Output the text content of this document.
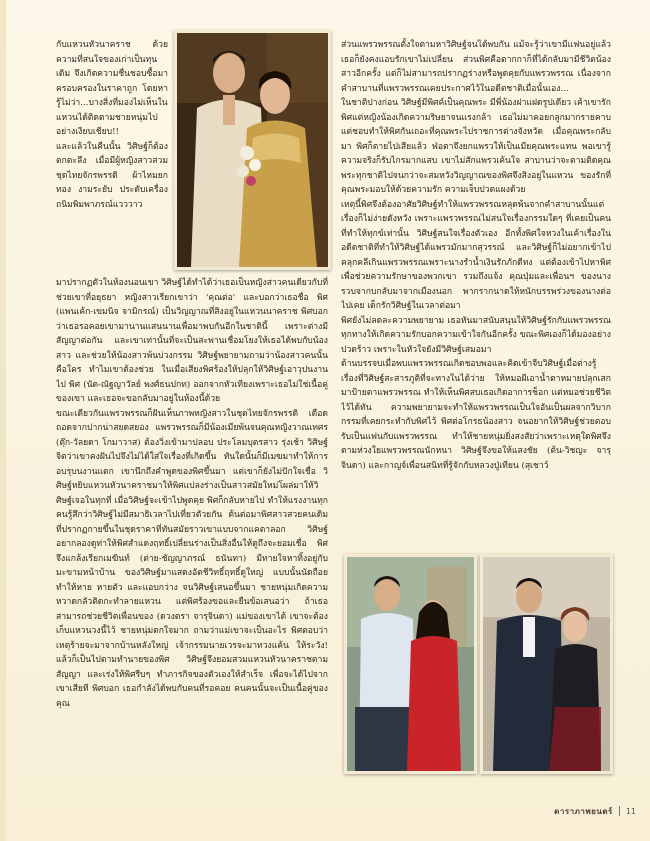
กับแหวนหัวนาคราช ด้วยความที่สนใจของเก่าเป็นทุนเดิม จึงเกิดความชื่นชอบซื้อมาครอบครองในราคาถูก โดยหารู้ไม่ว่า...บางสิ่งที่มองไม่เห็นในแหวนได้ติดตามชายหนุ่มไปอย่างเงียบเชียบ!!
และแล้วในคืนนั้น วิศิษฐ์ก็ต้องตกตะลึง เมื่อมีผู้หญิงสาวสวมชุดไทยจักรพรรดิ ผ้าไหมยกทอง งามระยับ ประดับเครื่องถนิมพิมพาภรณ์แวววาว
มาปรากฏตัวในห้องนอนเขา วิศิษฐ์ได้ทำได้ว่าเธอเป็นหญิงสาวคนเดียวกับที่ช่วยเขาที่อยุธยา หญิงสาวเรียกเขาว่า 'คุณต่อ' และบอกว่าเธอชื่อ พิศ (แพนเค้ก-เขมนิจ จามิกรณ์) เป็นวิญญาณที่สิงอยู่ในแหวนนาคราช พิศบอกว่าเธอรอคอยเขามานานแสนนานเพื่อมาพบกันอีกในชาตินี้ เพราะต่างมีสัญญาต่อกัน และเขาเท่านั้นที่จะเป็นสะพานเชื่อมโยงให้เธอได้พบกับน้องสาว และช่วยให้น้องสาวพ้นบ่วงกรรม วิศิษฐ์พยายามถามว่าน้องสาวคนนั้นคือใคร ทำไมเขาต้องช่วย ในเมื่อเสียงพิศร้องให้ปลุกให้วิศิษฐ์เอาวุปนงานไป พิศ (นัด-ณัฐญาวัลย์ พงศ์ธนปกท) ออกจากหัวเทียงเพราะเธอไม่ใช่เนื้อคู่ของเขา และเธอจะขอกลับมาอยู่ในห้องนี้ด้วย
ขณะเดียวกันแพรวพรรณก็ฝันเห็นภาพหญิงสาวในชุดไทยจักรพรรดิ เดือดถอดจากปากน่าสยดสยอง แพรวพรรณก็มีน้องเมียพ้นจนคุณหญิงวาณเทศร (ตุ๊ก-วัลยดา โกมาวาส) ต้องวิ่งเข้ามาปลอบ ประโลมบุตรสาว รุ่งเช้า วิศิษฐ์จิตว่าเขาคงฝันไปจึงไม่ได้ใส่ใจเรื่องที่เกิดขึ้น ทันใดนั้นก็มีเมฆมาทำให้การอบรุบนงานแตก เขานึกถึงคำพูดของพิศขึ้นมา แต่เขาก็ยังไม่ปักใจเชื่อ วิศิษฐ์หยิบแหวนหัวนาคราชมาให้พิศแปลงร่างเป็นสาวสมัยใหม่โผล่มาให้วิศิษฐ์เจอในทุกที่ เมื่อวิศิษฐ์จะเข้าไปพูดคุย พิศก็กลับหายไป ทำให้แรงงานทุกคนรู้สึกว่าวิศิษฐ์ไม่มีสมาธิเวลาไปเที่ยวตัวยกัน ต้นต่อมาพิศสาวสวยคนเดิมที่ปรากฏกายขึ้นในชุดราคาที่ทันสมัยราวเขาแบบจากแคตาลอก วิศิษฐ์อยากลองดูท่าให้พิศสำแดงฤทธิ์เปลี่ยนร่างเป็นสิ่งอื่นให้ดูถึงจะยอมเชื่อ พิศจึงแกล้งเรียกเมฆินท์ (ต่าย-ชัญญาภรณ์ ธนันทา) มีทายใจหาทิ้งอยู่กับมะขามหน้าบ้าน ของวิศิษฐ์มาแสดงอัตชีวิทธิ์ฤทธิ์ดูใหญ่ แบบนั้นนัดถือย ทำให้หาย หายตัว และแอบกว่าง จนวิศิษฐ์เสนอขึ้นมา ชายหนุ่มเกิดความหวาดกลัวติดกะทำลายแหวน แต่พิศร้องขอและยืนข้อเสนอว่า ถ้าเธอสามารถช่วยชีวิตเพื่อนของ (ดวงตรา จารุจินดา) แม่ของเขาได้ เขาจะต้องเก็บแหวนวงนี้ไว้ ชายหนุ่มตกใจมาก ถามว่าแม่เขาจะเป็นอะไร พิศตอบว่าเหตุร้ายจะมาจากบ้านหลังใหญ่ เจ้ากรรมนายเวรจะมาทวงแค้น ให้ระวัง! แล้วก็เป็นไปตามทำนายของพิศ วิศิษฐ์จึงยอมสวมแหวนหัวนาคราชตามสัญญา และเร่งให้พิศรีบๆ ทำภารกิจของตัวเองให้สำเร็จ เพื่อจะได้ไปจากเขาเสียที พิศบอก เธอกำลังได้พบกับคนที่รอคอย คนคนนั้นจะเป็นเนื้อคู่ของคุณ
ส่วนแพรวพรรณตั้งใจตามหาวิศิษฐ์จนได้พบกัน แม้จะรู้ว่าเขามีแฟนอยู่แล้ว เธอก็ยังคงแอบรักเขาไม่เปลี่ยน ส่วนพิศคือตากกาก็ที่ได้กลับมามีชีวิตน้องสาวอีกครั้ง แต่ก็ไม่สามารถปรากฏร่างหรือพูดคุยกับแพรวพรรณ เนื่องจากคำสาบานที่แพรวพรรณเคยประกาศไว้ในอดีตชาติเมื่อนั้นเอง...
ในชาติปางก่อน วิศิษฐ์มีพิศค์เป็นคุณพระ มีพี่น้องฝาแฝดรูปเดียว เค้าเขารักพิศแต่หญิงน้องเกิดความริษยาจนแรงกล้า เธอไม่มาคอยกลูกมากรายคาบ แต่ชอบทำให้พิศกันเถอะที่คุณพระไปราชการต่างจังหวัด เมื่อคุณพระกลับมา พิศก็ตายไปเสียแล้ว ฟ่อตาจึงยกแพรวให้เป็นเมียคุณพระแทน พอเขารู้ความจริงก็รับไกรมากแสบ เขาไม่สักแพรวเค้นใจ สาบานว่าจะตามติดคุณพระทุกชาติไปจนกว่าจะสมหวังวิญญาณของพิศจึงสิงอยู่ในแหวน ของรักที่คุณพระมอบให้ด้วยความรัก ความเจ็บปวดแผงด้วย
เหตุนี้พิศจึงต้องอาศัยวิศิษฐ์ทำให้แพรวพรรณหลุดพ้นจากคำสาบานนั้นแต่เรื่องก็ไม่ง่ายดังหวัง เพราะแพรวพรรณไม่สนใจเรื่องกรรมใดๆ ที่เคยเป็นคนที่ทำให้ทุกข์เท่านั้น วิศิษฐ์สนใจเรื่องตัวเอง อีกทั้งพิศใจหวงในเค้าเรื่องในอดีตชาติที่ทำให้วิศิษฐ์ได้แพรวมักมากสุวรรณ์ และวิศิษฐ์ก็ไม่อยากเข้าไปคลุกคลีเกินแพรวพรรณเพราะนางรำน้ำเงินรักภักดีทง แต่ต้องเข้าไปหาพิศเพื่อช่วยความรักษาของพวกเขา รวมถึงแจ้ง คุณปุ่มและเพื่อนฯ ของนางรวบจากบกลับมาจากเมืองนอก พากรากนาดให้หนักบรรพร่วงของนางต่อไปเคย เด็กรักวิศิษฐ์ในเวลาต่อมา
พิศยังไม่ลดละความพยายาม เธอหันมาสนับสนุนให้วิศิษฐ์รักกับแพรวพรรณ ทุกทางให้เกิดความรักบอกความเข้าใจกันอีกครั้ง ขณะพิศเองก็ได้มองอย่างปวดร้าว เพราะในหัวใจยังมีวิศิษฐ์เสมอมา
ด้านบรรจบเมื่อพบแพรวพรรณเกิดชอบพอและคิดเข้าจีบวิศิษฐ์เมื่อต่างรู้เรื่องที่วิศิษฐ์สะสารภูติที่จะทางในได้ว่าย ให้หมอผีเอาน้ำตาหมายปลุกเสกมาป้ายตาแพรวพรรณ ทำให้เห็นพิศสบเธอเกิดอาการช็อก แต่หมอช่วยชีวิตไว้ได้ทัน ความพยายามจะทำให้แพรวพรรณเป็นใจอันเป็นผลจากวิบากกรรมที่เคยกระทำกับพิศไว้ พิศต่อโกรธน้องสาว จนอยากให้วิศิษฐ์ช่วยตอบรับเป็นแฟนกับแพรวพรรณ ทำให้ชายหนุ่มยิ่งสงสัยว่าเพราะเหตุใดพิศจึงตามห่วงใยแพรวพรรณนักหนา วิศิษฐ์จึงขอให้แสงชัย (ต้น-วิชญะ จารุจินดา) และกาญจ์เพื่อนสนิทที่รู้จักกับหลวงปู่เทียน (สุเชาว์
ดาราภาพยนตร์ 11
